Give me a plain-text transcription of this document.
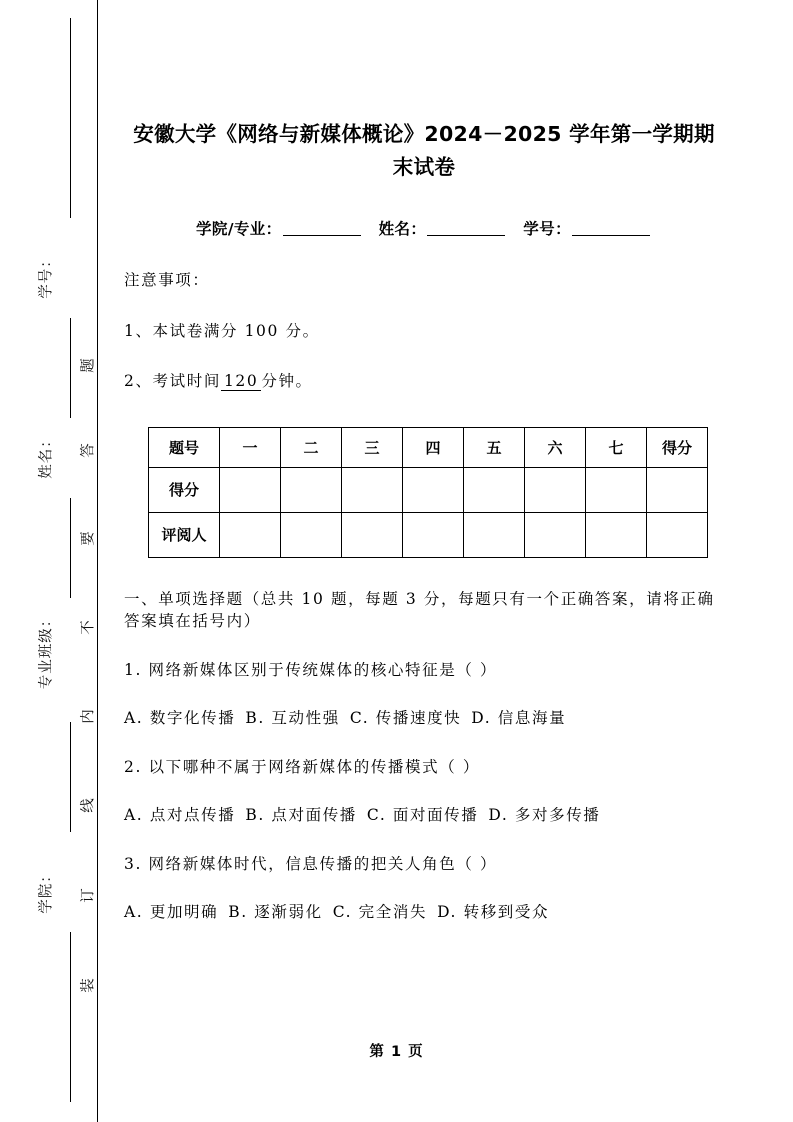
学号：
姓名：
专业班级：
学院：
题
答
要
不
内
线
订
装
安徽大学《网络与新媒体概论》2024－2025 学年第一学期期末试卷
学院/专业：	姓名：	学号：

注意事项：

1、本试卷满分 100 分。

2、考试时间 120 分钟。

题号	一	二	三	四	五	六	七	得分
得分								
评阅人								

一、单项选择题（总共 10 题，每题 3 分，每题只有一个正确答案，请将正确答案填在括号内）

1. 网络新媒体区别于传统媒体的核心特征是（ ）

A. 数字化传播 B. 互动性强 C. 传播速度快 D. 信息海量

2. 以下哪种不属于网络新媒体的传播模式（ ）

A. 点对点传播 B. 点对面传播 C. 面对面传播 D. 多对多传播

3. 网络新媒体时代，信息传播的把关人角色（ ）

A. 更加明确 B. 逐渐弱化 C. 完全消失 D. 转移到受众

第 1 页
